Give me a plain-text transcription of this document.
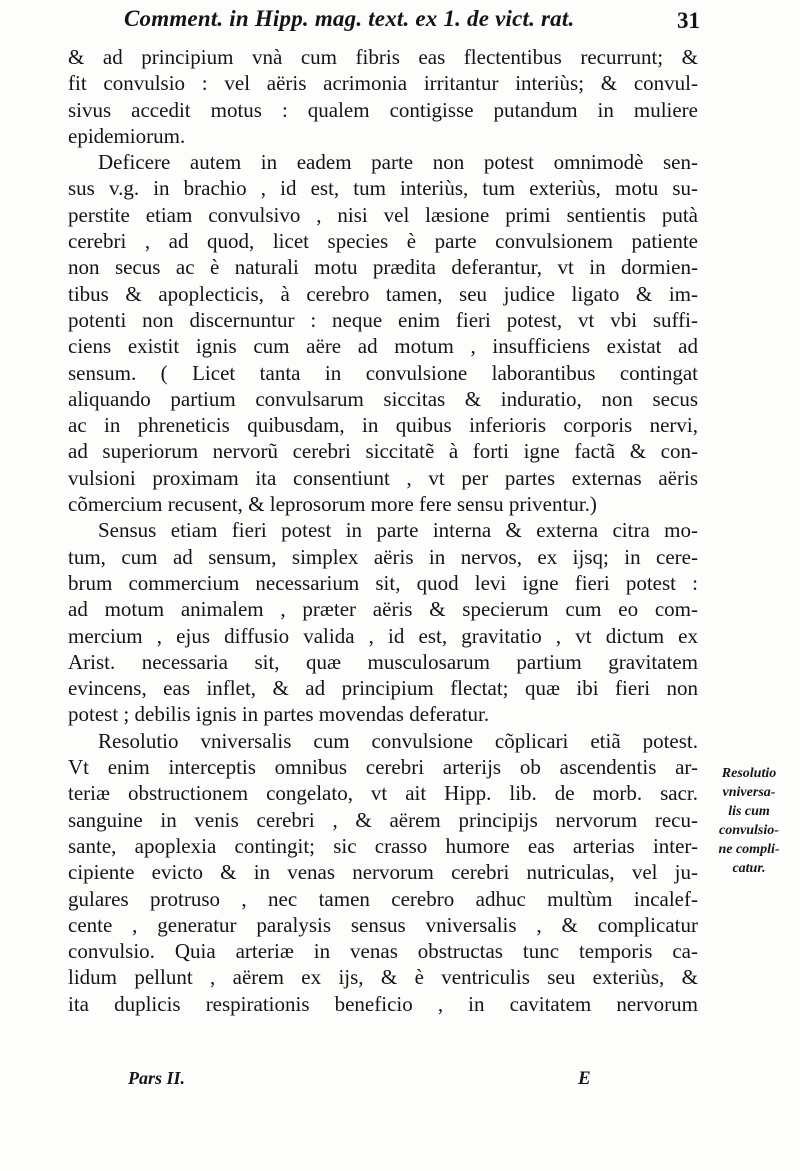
Comment. in Hipp. mag. text. ex 1. de vict. rat.	31
& ad principium vnà cum fibris eas flectentibus recurrunt; &
fit convulsio : vel aëris acrimonia irritantur interiùs; & convul-
sivus accedit motus : qualem contigisse putandum in muliere
epidemiorum.
Deficere autem in eadem parte non potest omnimodè sen-
sus v.g. in brachio , id est, tum interiùs, tum exteriùs, motu su-
perstite etiam convulsivo , nisi vel læsione primi sentientis putà
cerebri , ad quod, licet species è parte convulsionem patiente
non secus ac è naturali motu prædita deferantur, vt in dormien-
tibus & apoplecticis, à cerebro tamen, seu judice ligato & im-
potenti non discernuntur : neque enim fieri potest, vt vbi suffi-
ciens existit ignis cum aëre ad motum , insufficiens existat ad
sensum. ( Licet tanta in convulsione laborantibus contingat
aliquando partium convulsarum siccitas & induratio, non secus
ac in phreneticis quibusdam, in quibus inferioris corporis nervi,
ad superiorum nervorũ cerebri siccitatẽ à forti igne factã & con-
vulsioni proximam ita consentiunt , vt per partes externas aëris
cõmercium recusent, & leprosorum more fere sensu priventur.)
Sensus etiam fieri potest in parte interna & externa citra mo-
tum, cum ad sensum, simplex aëris in nervos, ex ijsq; in cere-
brum commercium necessarium sit, quod levi igne fieri potest :
ad motum animalem , præter aëris & specierum cum eo com-
mercium , ejus diffusio valida , id est, gravitatio , vt dictum ex
Arist. necessaria sit, quæ musculosarum partium gravitatem
evincens, eas inflet, & ad principium flectat; quæ ibi fieri non
potest ; debilis ignis in partes movendas deferatur.
Resolutio vniversalis cum convulsione cõplicari etiã potest.
Vt enim interceptis omnibus cerebri arterijs ob ascendentis ar-
teriæ obstructionem congelato, vt ait Hipp. lib. de morb. sacr.
sanguine in venis cerebri , & aërem principijs nervorum recu-
sante, apoplexia contingit; sic crasso humore eas arterias inter-
cipiente evicto & in venas nervorum cerebri nutriculas, vel ju-
gulares protruso , nec tamen cerebro adhuc multùm incalef-
cente , generatur paralysis sensus vniversalis , & complicatur
convulsio. Quia arteriæ in venas obstructas tunc temporis ca-
lidum pellunt , aërem ex ijs, & è ventriculis seu exteriùs, &
ita duplicis respirationis beneficio , in cavitatem nervorum
Resolutio
vniversa-
lis cum
convulsio-
ne compli-
catur.
Pars II.	E
